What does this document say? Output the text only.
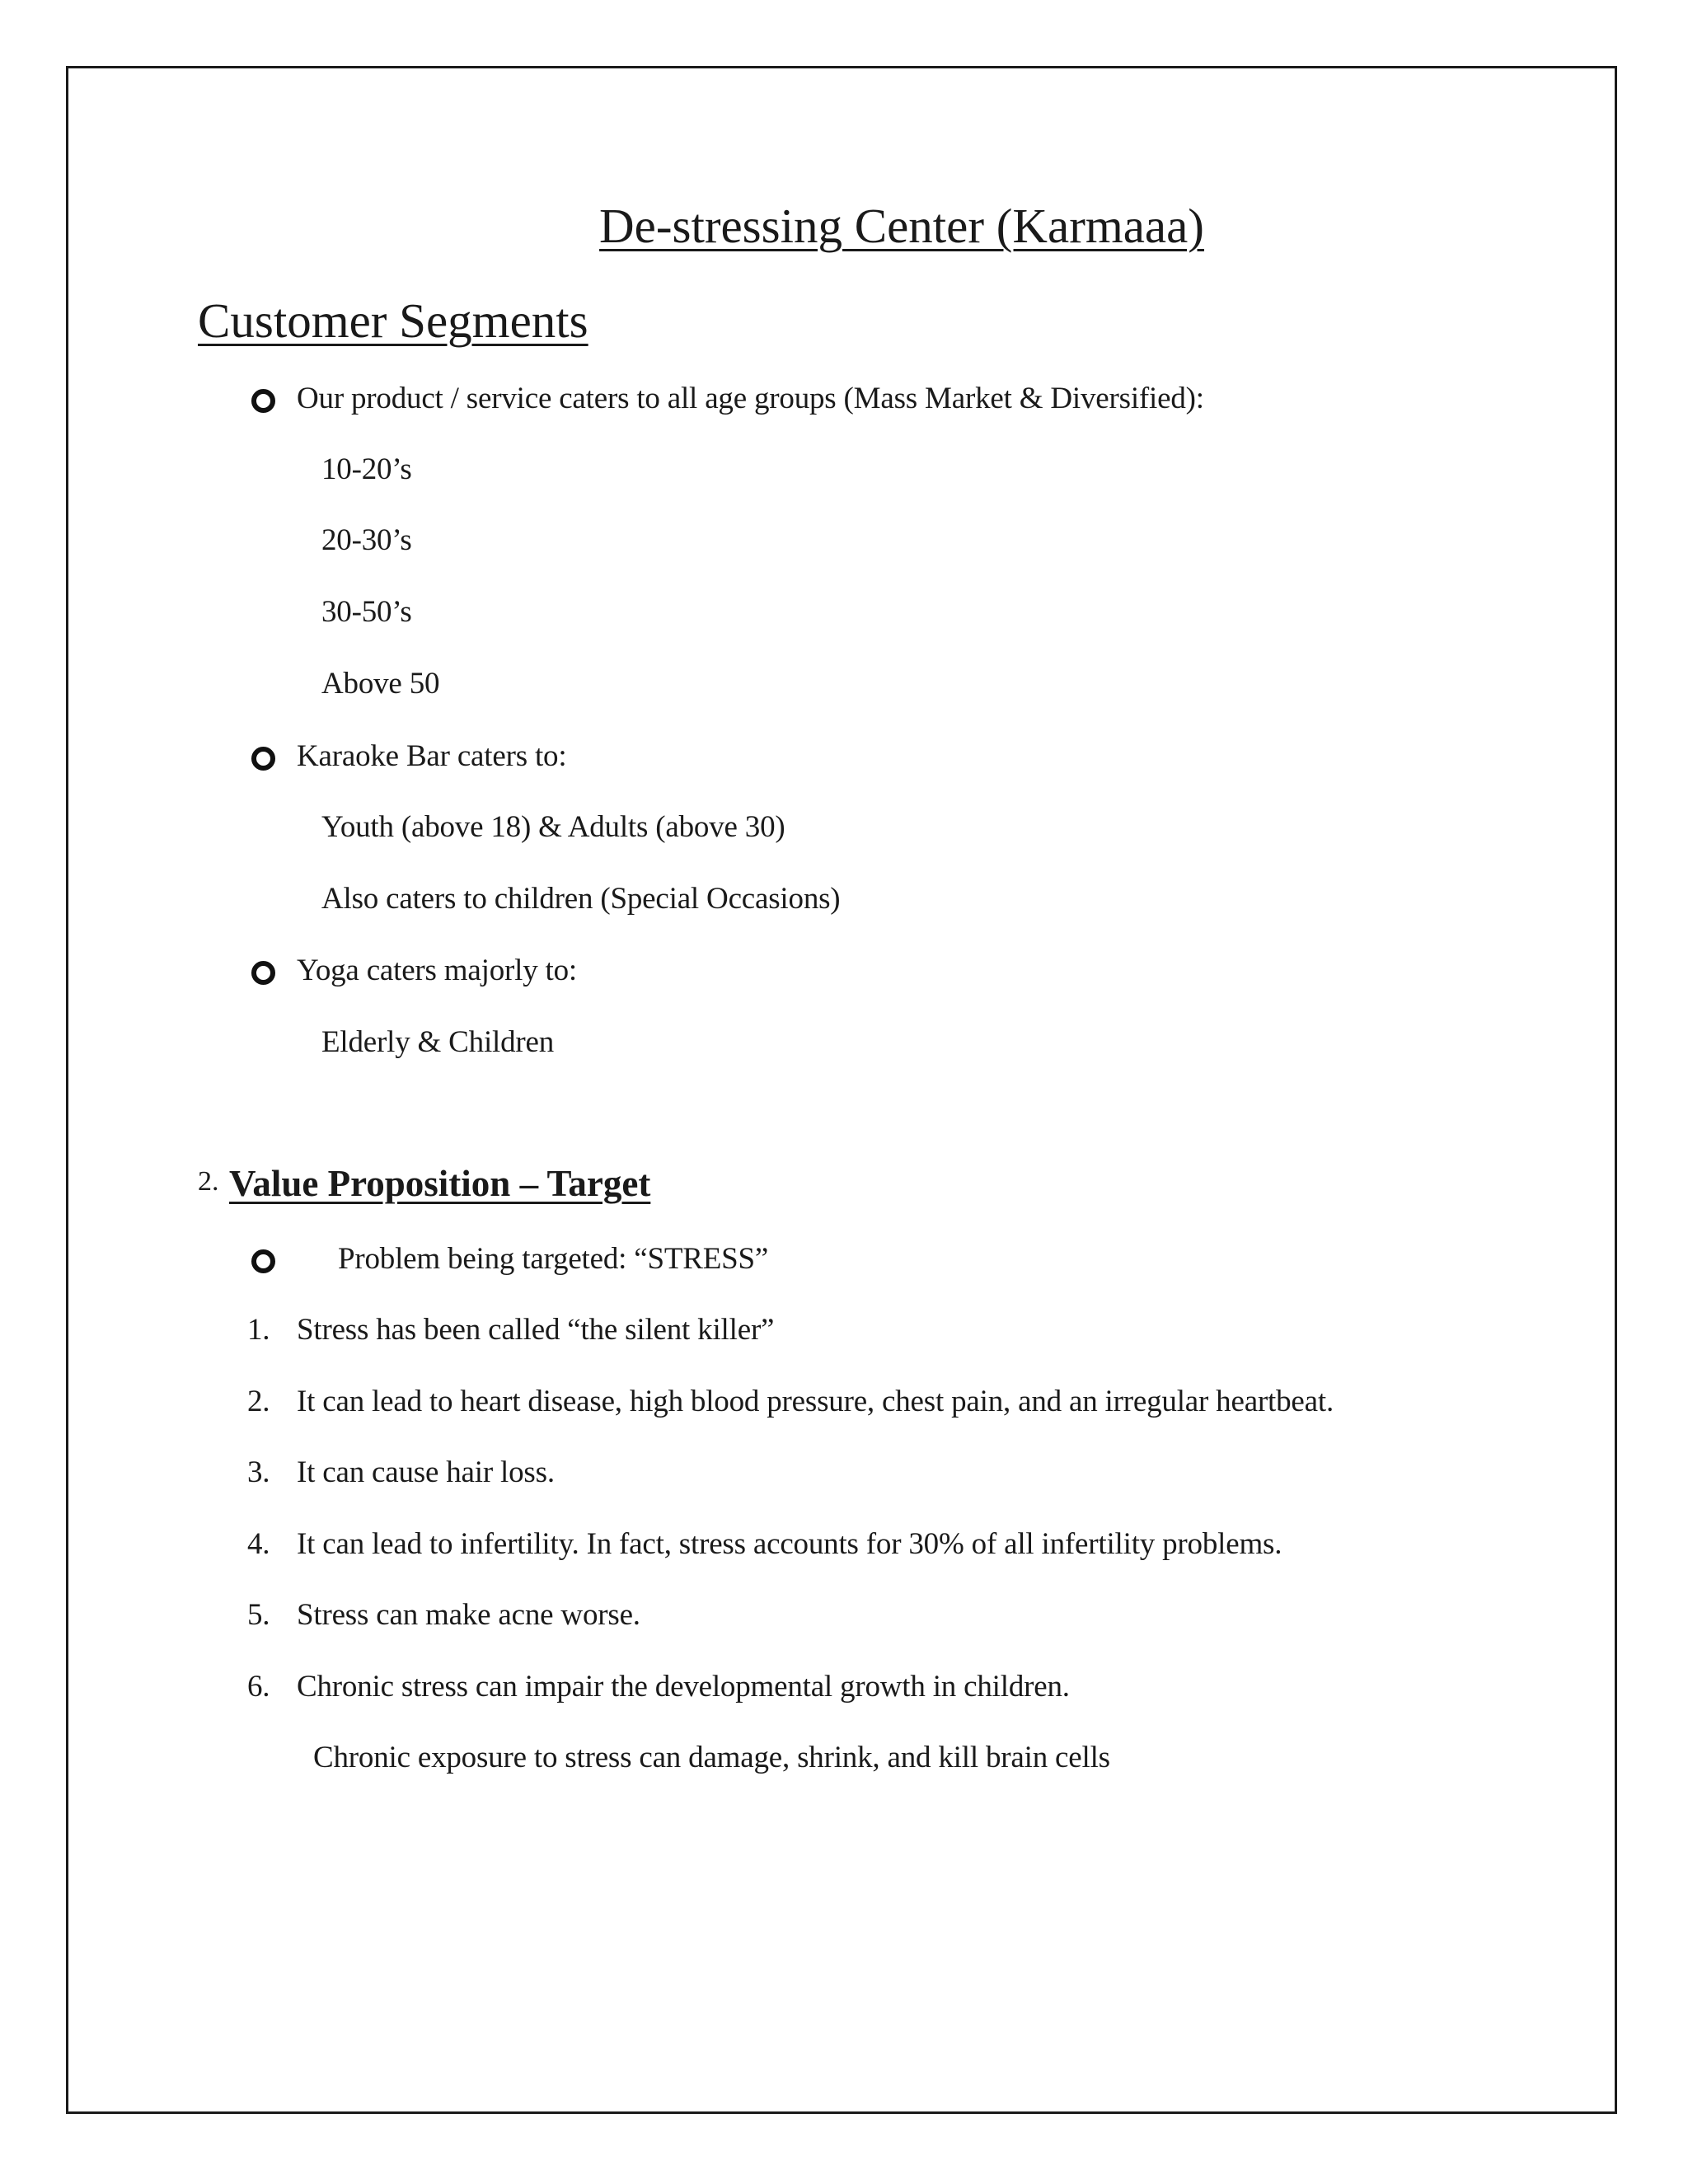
De-stressing Center (Karmaaa)
Customer Segments
Our product / service caters to all age groups (Mass Market & Diversified):
10-20’s
20-30’s
30-50’s
Above 50
Karaoke Bar caters to:
Youth (above 18) & Adults (above 30)
Also caters to children (Special Occasions)
Yoga caters majorly to:
Elderly & Children
2. Value Proposition – Target
Problem being targeted: “STRESS”
1. Stress has been called “the silent killer”
2. It can lead to heart disease, high blood pressure, chest pain, and an irregular heartbeat.
3. It can cause hair loss.
4. It can lead to infertility. In fact, stress accounts for 30% of all infertility problems.
5. Stress can make acne worse.
6. Chronic stress can impair the developmental growth in children.
Chronic exposure to stress can damage, shrink, and kill brain cells
